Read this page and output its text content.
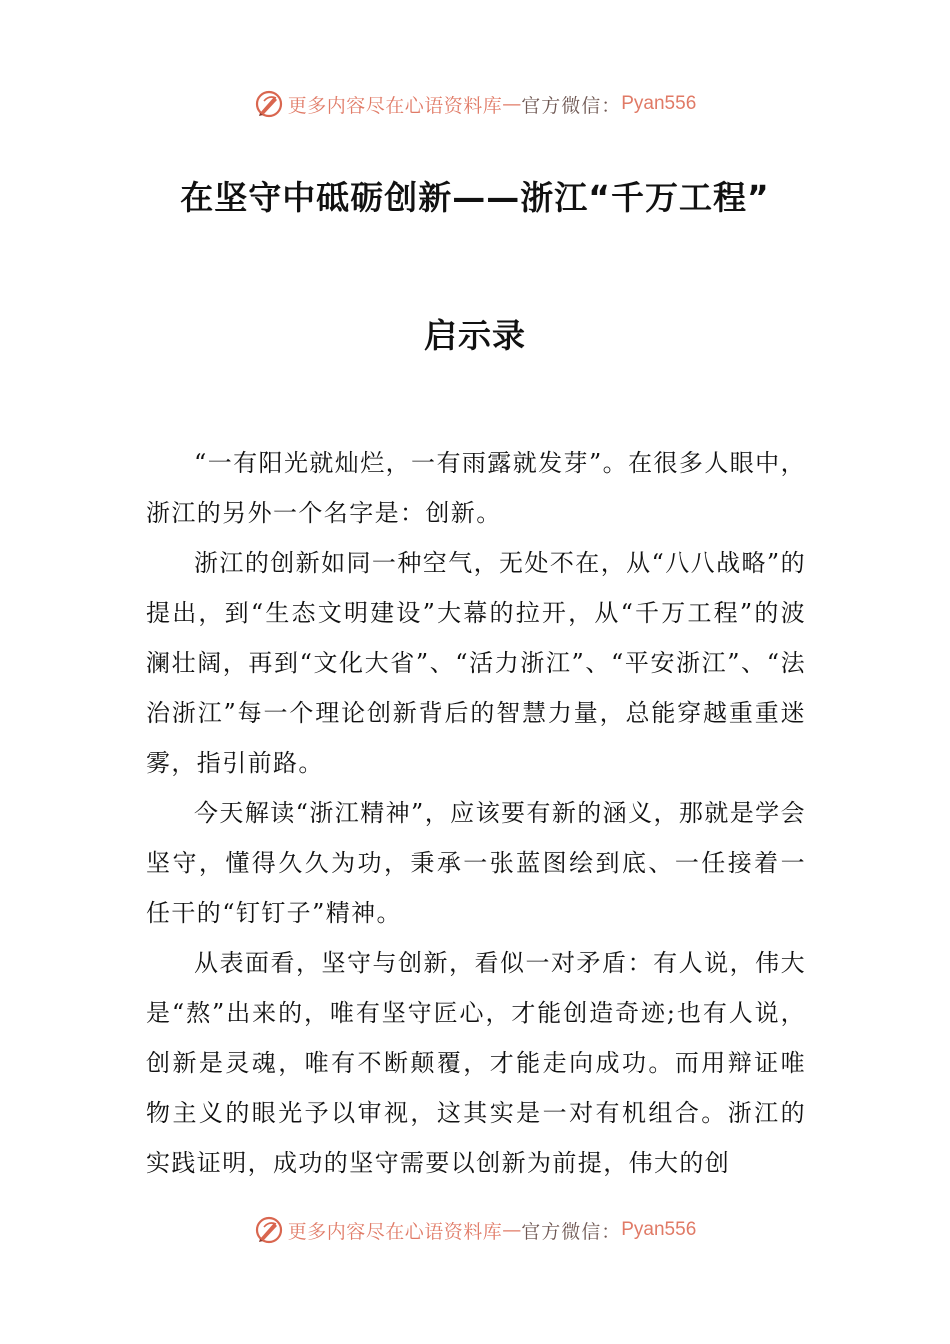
更多内容尽在心语资料库 — 官方微信： Pyan556
在坚守中砥砺创新——浙江“千万工程”
启示录

“一有阳光就灿烂，一有雨露就发芽”。在很多人眼中，浙江的另外一个名字是：创新。

浙江的创新如同一种空气，无处不在，从“八八战略”的提出，到“生态文明建设”大幕的拉开，从“千万工程”的波澜壮阔，再到“文化大省”、“活力浙江”、“平安浙江”、“法治浙江”每一个理论创新背后的智慧力量，总能穿越重重迷雾，指引前路。

今天解读“浙江精神”，应该要有新的涵义，那就是学会坚守，懂得久久为功，秉承一张蓝图绘到底、一任接着一任干的“钉钉子”精神。

从表面看，坚守与创新，看似一对矛盾：有人说，伟大是“熬”出来的，唯有坚守匠心，才能创造奇迹;也有人说，创新是灵魂，唯有不断颠覆，才能走向成功。而用辩证唯物主义的眼光予以审视，这其实是一对有机组合。浙江的实践证明，成功的坚守需要以创新为前提，伟大的创

更多内容尽在心语资料库 — 官方微信： Pyan556
